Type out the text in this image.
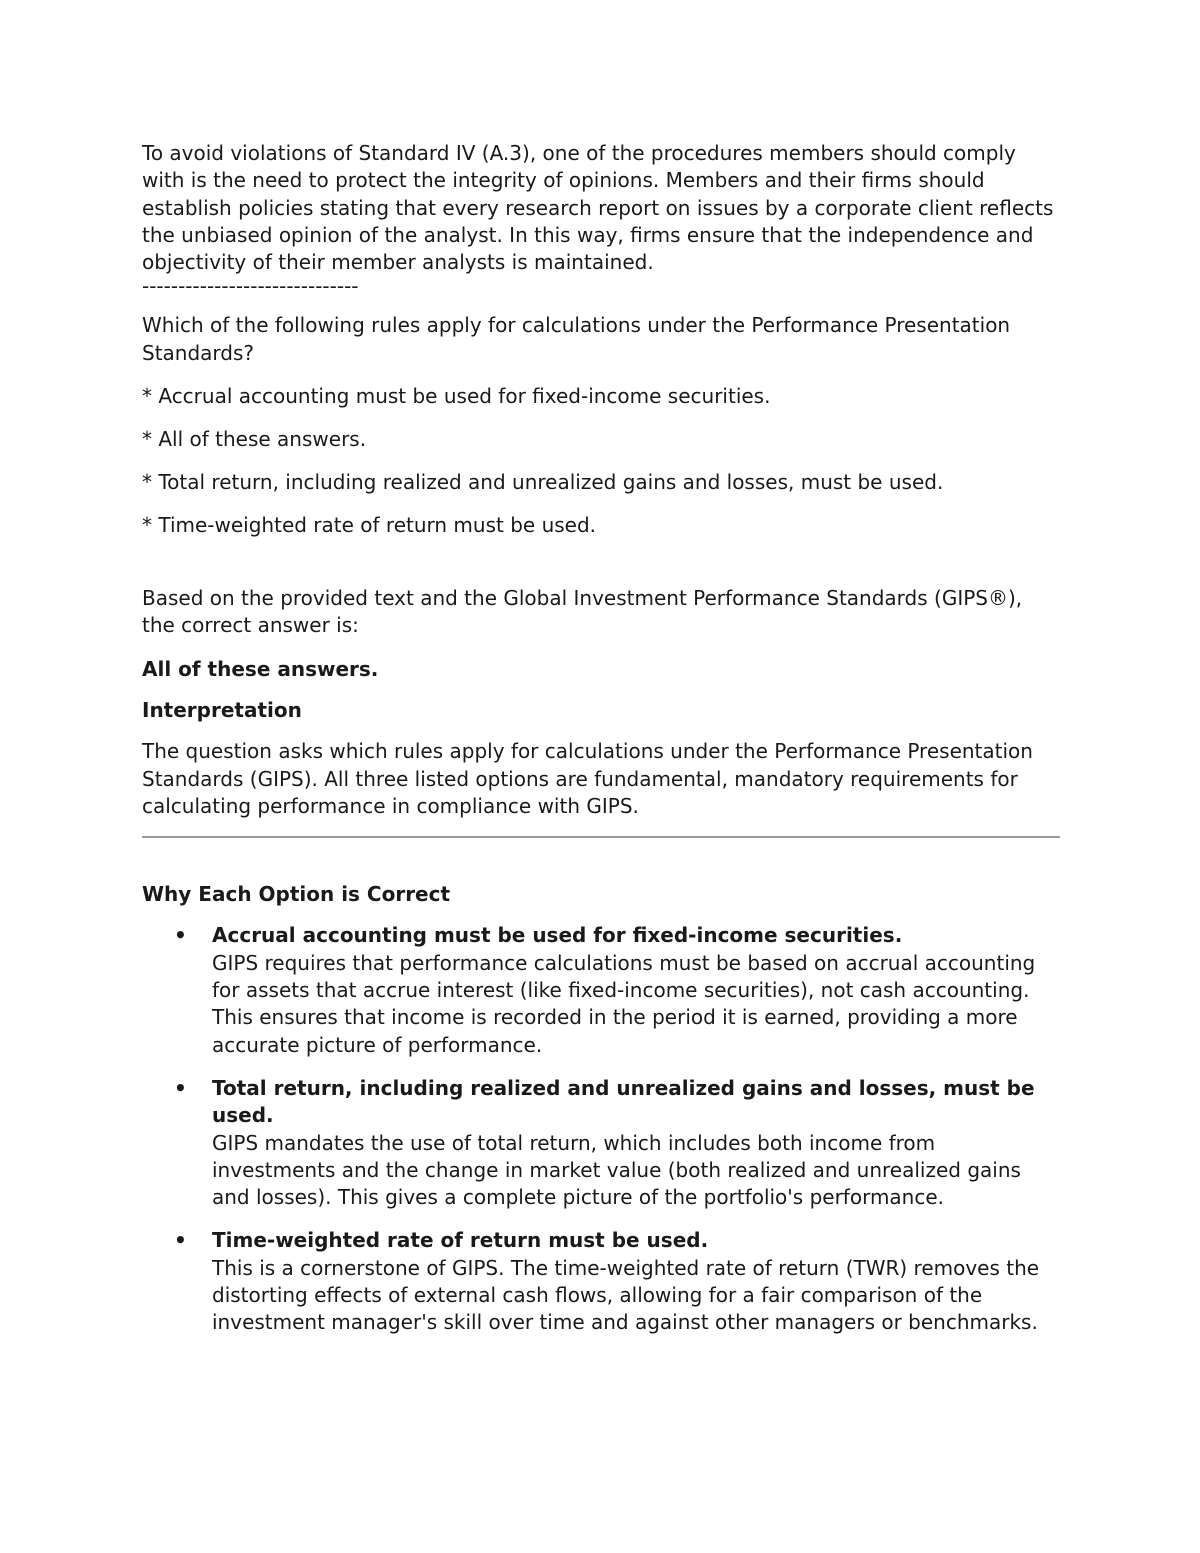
To avoid violations of Standard IV (A.3), one of the procedures members should comply with is the need to protect the integrity of opinions. Members and their firms should establish policies stating that every research report on issues by a corporate client reflects the unbiased opinion of the analyst. In this way, firms ensure that the independence and objectivity of their member analysts is maintained.

------------------------------

Which of the following rules apply for calculations under the Performance Presentation Standards?

* Accrual accounting must be used for fixed-income securities.

* All of these answers.

* Total return, including realized and unrealized gains and losses, must be used.

* Time-weighted rate of return must be used.

Based on the provided text and the Global Investment Performance Standards (GIPS®), the correct answer is:

All of these answers.

Interpretation

The question asks which rules apply for calculations under the Performance Presentation Standards (GIPS). All three listed options are fundamental, mandatory requirements for calculating performance in compliance with GIPS.

Why Each Option is Correct

• Accrual accounting must be used for fixed-income securities.
GIPS requires that performance calculations must be based on accrual accounting for assets that accrue interest (like fixed-income securities), not cash accounting. This ensures that income is recorded in the period it is earned, providing a more accurate picture of performance.
• Total return, including realized and unrealized gains and losses, must be used.
GIPS mandates the use of total return, which includes both income from investments and the change in market value (both realized and unrealized gains and losses). This gives a complete picture of the portfolio's performance.
• Time-weighted rate of return must be used.
This is a cornerstone of GIPS. The time-weighted rate of return (TWR) removes the distorting effects of external cash flows, allowing for a fair comparison of the investment manager's skill over time and against other managers or benchmarks.
